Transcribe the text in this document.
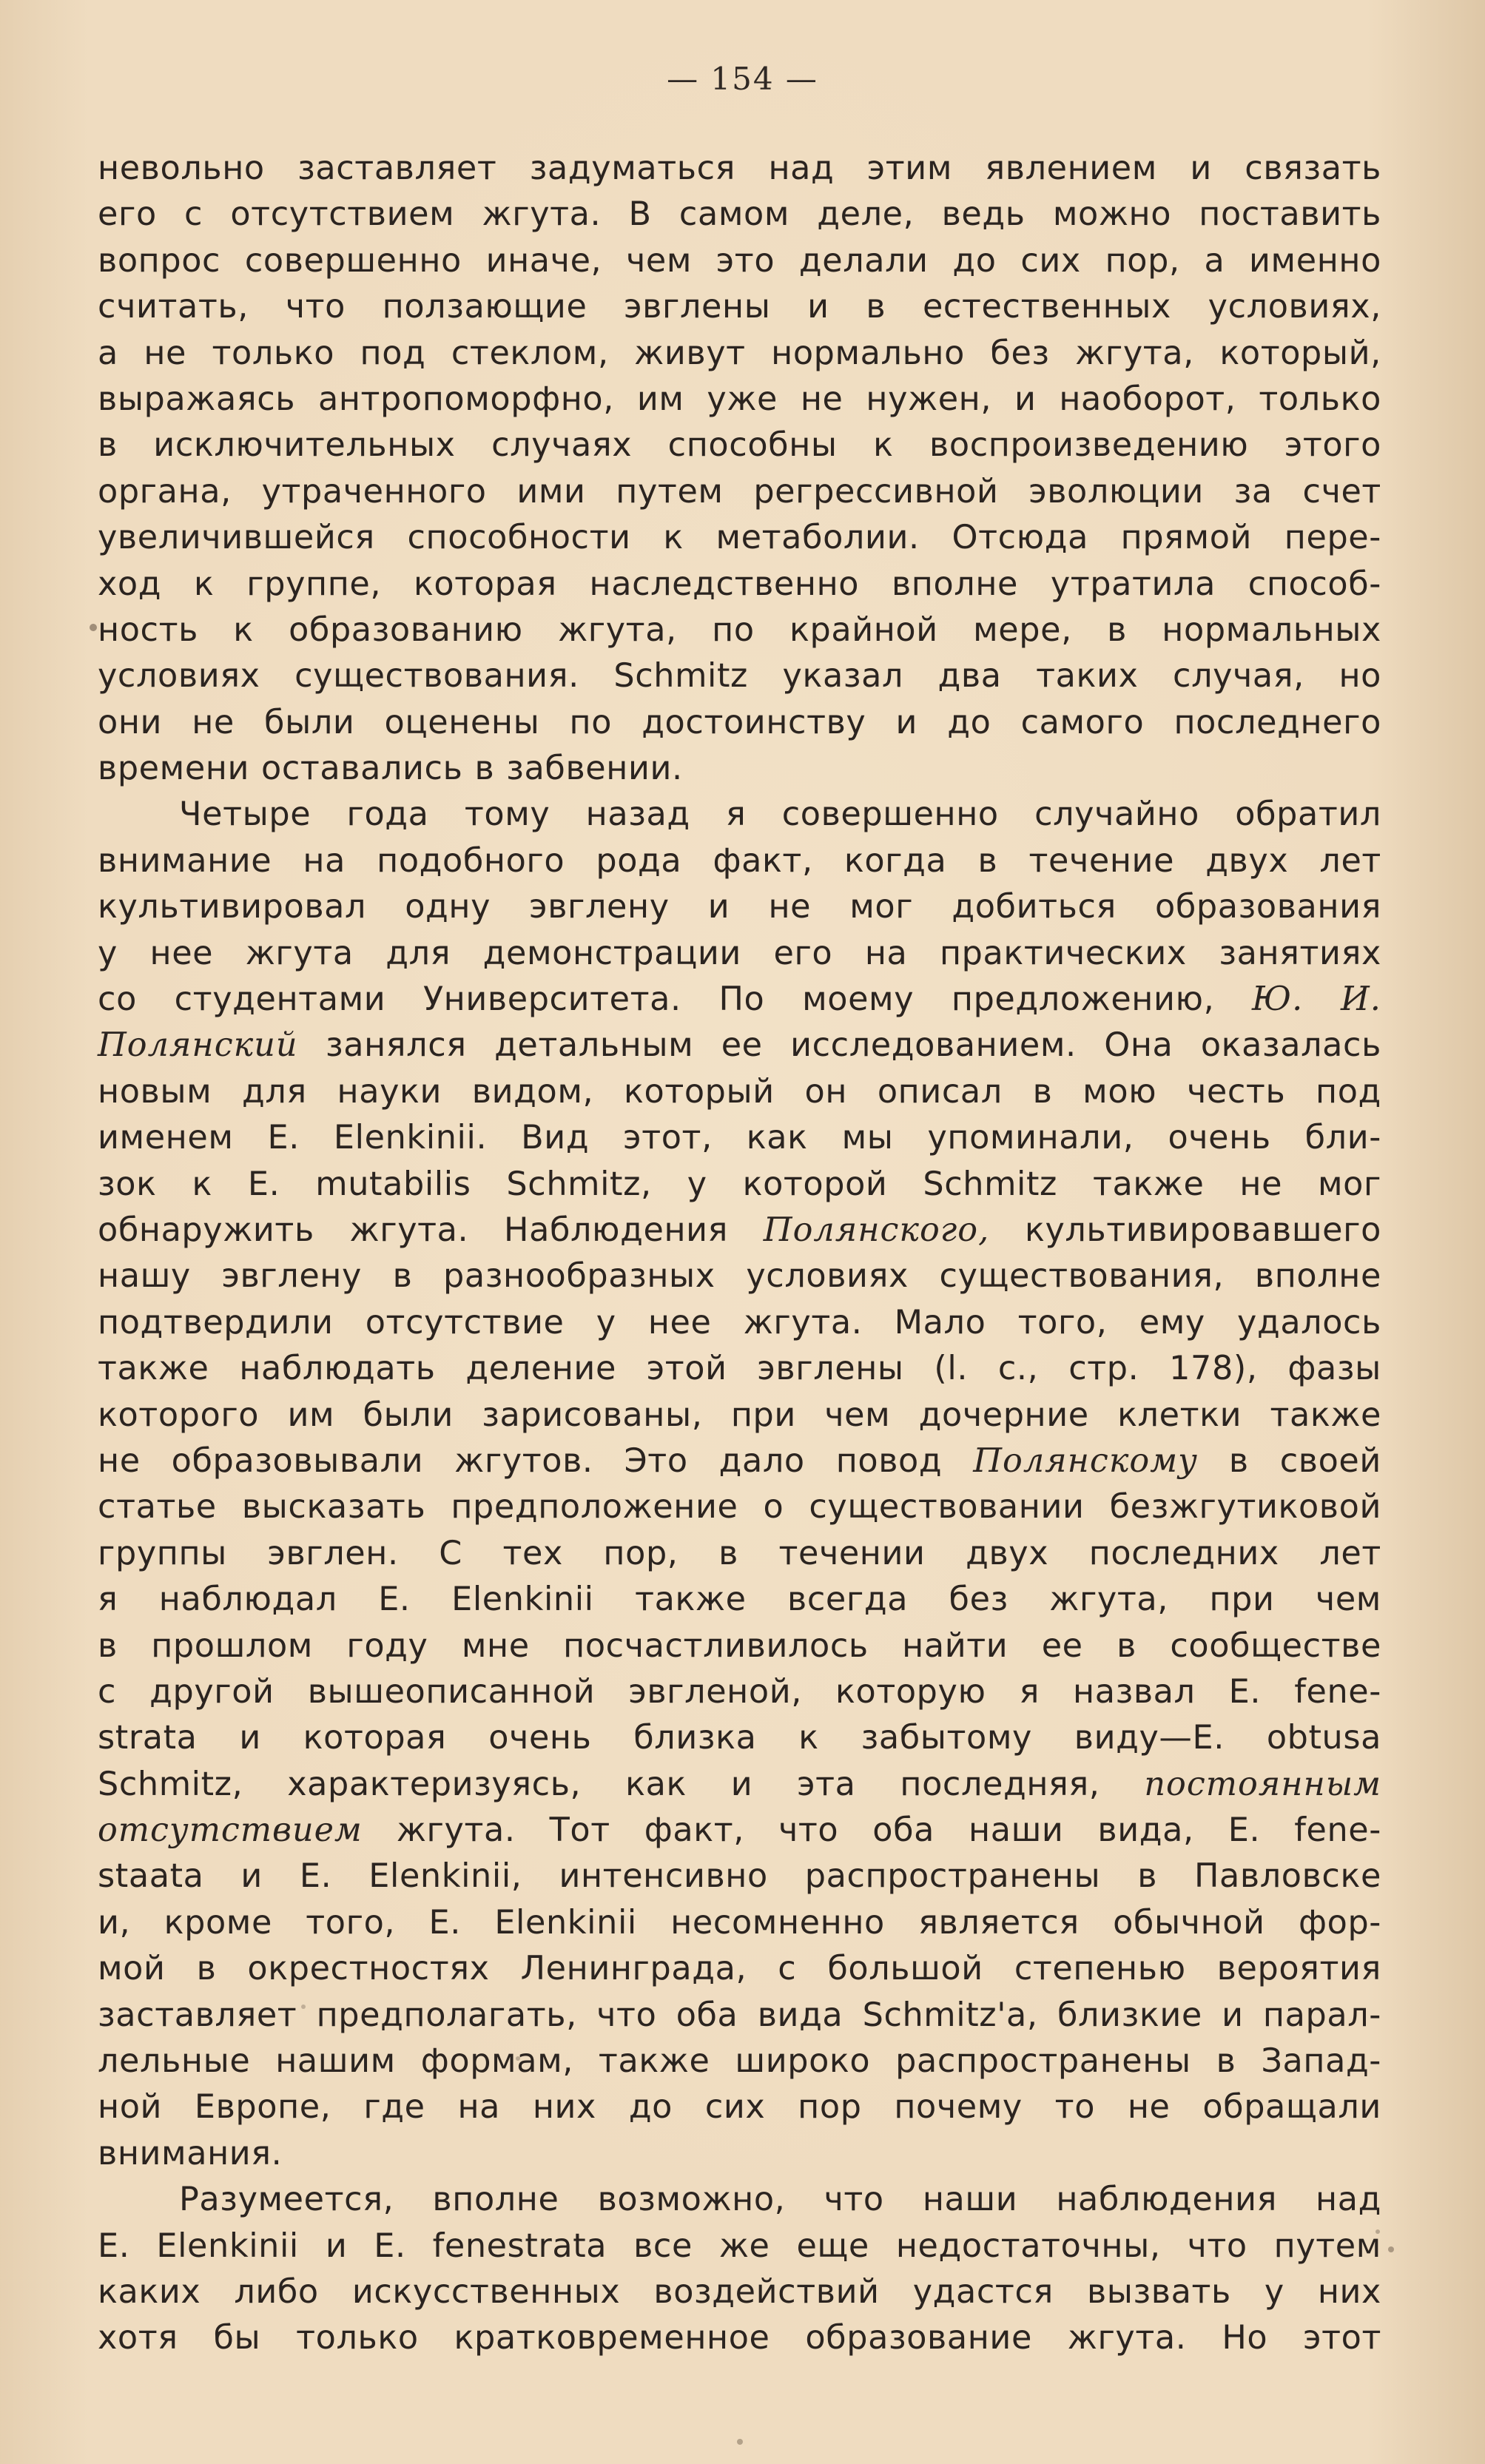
— 154 —
невольно заставляет задуматься над этим явлением и связать
его с отсутствием жгута. В самом деле, ведь можно поставить
вопрос совершенно иначе, чем это делали до сих пор, а именно
считать, что ползающие эвглены и в естественных условиях,
а не только под стеклом, живут нормально без жгута, который,
выражаясь антропоморфно, им уже не нужен, и наоборот, только
в исключительных случаях способны к воспроизведению этого
органа, утраченного ими путем регрессивной эволюции за счет
увеличившейся способности к метаболии. Отсюда прямой пере-
ход к группе, которая наследственно вполне утратила способ-
ность к образованию жгута, по крайной мере, в нормальных
условиях существования. Schmitz указал два таких случая, но
они не были оценены по достоинству и до самого последнего
времени оставались в забвении.
Четыре года тому назад я совершенно случайно обратил
внимание на подобного рода факт, когда в течение двух лет
культивировал одну эвглену и не мог добиться образования
у нее жгута для демонстрации его на практических занятиях
со студентами Университета. По моему предложению, Ю. И.
Полянский занялся детальным ее исследованием. Она оказалась
новым для науки видом, который он описал в мою честь под
именем E. Elenkinii. Вид этот, как мы упоминали, очень бли-
зок к E. mutabilis Schmitz, у которой Schmitz также не мог
обнаружить жгута. Наблюдения Полянского, культивировавшего
нашу эвглену в разнообразных условиях существования, вполне
подтвердили отсутствие у нее жгута. Мало того, ему удалось
также наблюдать деление этой эвглены (l. c., стр. 178), фазы
которого им были зарисованы, при чем дочерние клетки также
не образовывали жгутов. Это дало повод Полянскому в своей
статье высказать предположение о существовании безжгутиковой
группы эвглен. С тех пор, в течении двух последних лет
я наблюдал E. Elenkinii также всегда без жгута, при чем
в прошлом году мне посчастливилось найти ее в сообществе
с другой вышеописанной эвгленой, которую я назвал E. fene-
strata и которая очень близка к забытому виду—E. obtusa
Schmitz, характеризуясь, как и эта последняя, постоянным
отсутствием жгута. Тот факт, что оба наши вида, E. fene-
staata и E. Elenkinii, интенсивно распространены в Павловске
и, кроме того, E. Elenkinii несомненно является обычной фор-
мой в окрестностях Ленинграда, с большой степенью вероятия
заставляет предполагать, что оба вида Schmitz'a, близкие и парал-
лельные нашим формам, также широко распространены в Запад-
ной Европе, где на них до сих пор почему то не обращали
внимания.
Разумеется, вполне возможно, что наши наблюдения над
E. Elenkinii и E. fenestrata все же еще недостаточны, что путем
каких либо искусственных воздействий удастся вызвать у них
хотя бы только кратковременное образование жгута. Но этот
